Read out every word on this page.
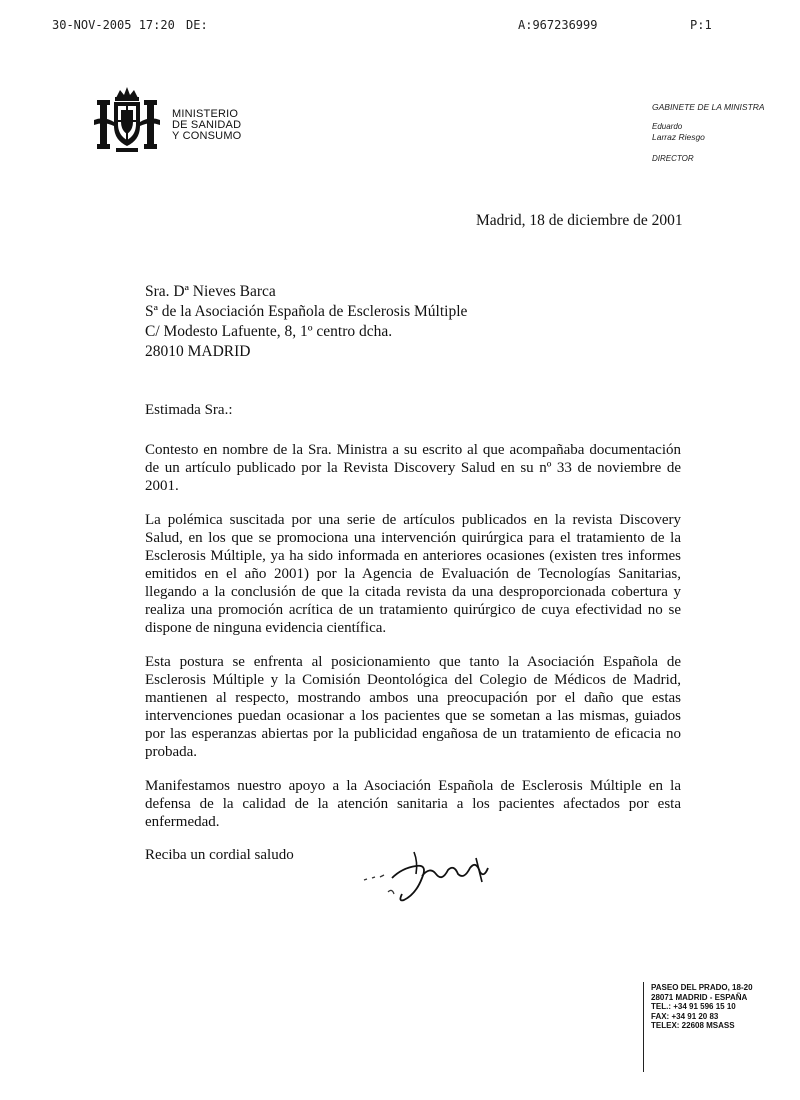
30-NOV-2005 17:20 DE:	A:967236999	P:1
MINISTERIO
DE SANIDAD
Y CONSUMO
GABINETE DE LA MINISTRA
Eduardo
Larraz Riesgo
DIRECTOR
Madrid, 18 de diciembre de 2001
Sra. Dª Nieves Barca
Sª de la Asociación Española de Esclerosis Múltiple
C/ Modesto Lafuente, 8, 1º centro dcha.
28010 MADRID
Estimada Sra.:
Contesto en nombre de la Sra. Ministra a su escrito al que acompañaba documentación de un artículo publicado por la Revista Discovery Salud en su nº 33 de noviembre de 2001.
La polémica suscitada por una serie de artículos publicados en la revista Discovery Salud, en los que se promociona una intervención quirúrgica para el tratamiento de la Esclerosis Múltiple, ya ha sido informada en anteriores ocasiones (existen tres informes emitidos en el año 2001) por la Agencia de Evaluación de Tecnologías Sanitarias, llegando a la conclusión de que la citada revista da una desproporcionada cobertura y realiza una promoción acrítica de un tratamiento quirúrgico de cuya efectividad no se dispone de ninguna evidencia científica.
Esta postura se enfrenta al posicionamiento que tanto la Asociación Española de Esclerosis Múltiple y la Comisión Deontológica del Colegio de Médicos de Madrid, mantienen al respecto, mostrando ambos una preocupación por el daño que estas intervenciones puedan ocasionar a los pacientes que se sometan a las mismas, guiados por las esperanzas abiertas por la publicidad engañosa de un tratamiento de eficacia no probada.
Manifestamos nuestro apoyo a la Asociación Española de Esclerosis Múltiple en la defensa de la calidad de la atención sanitaria a los pacientes afectados por esta enfermedad.
Reciba un cordial saludo
PASEO DEL PRADO, 18-20
28071 MADRID - ESPAÑA
TEL.: +34 91 596 15 10
FAX: +34 91 20 83
TELEX: 22608 MSASS
